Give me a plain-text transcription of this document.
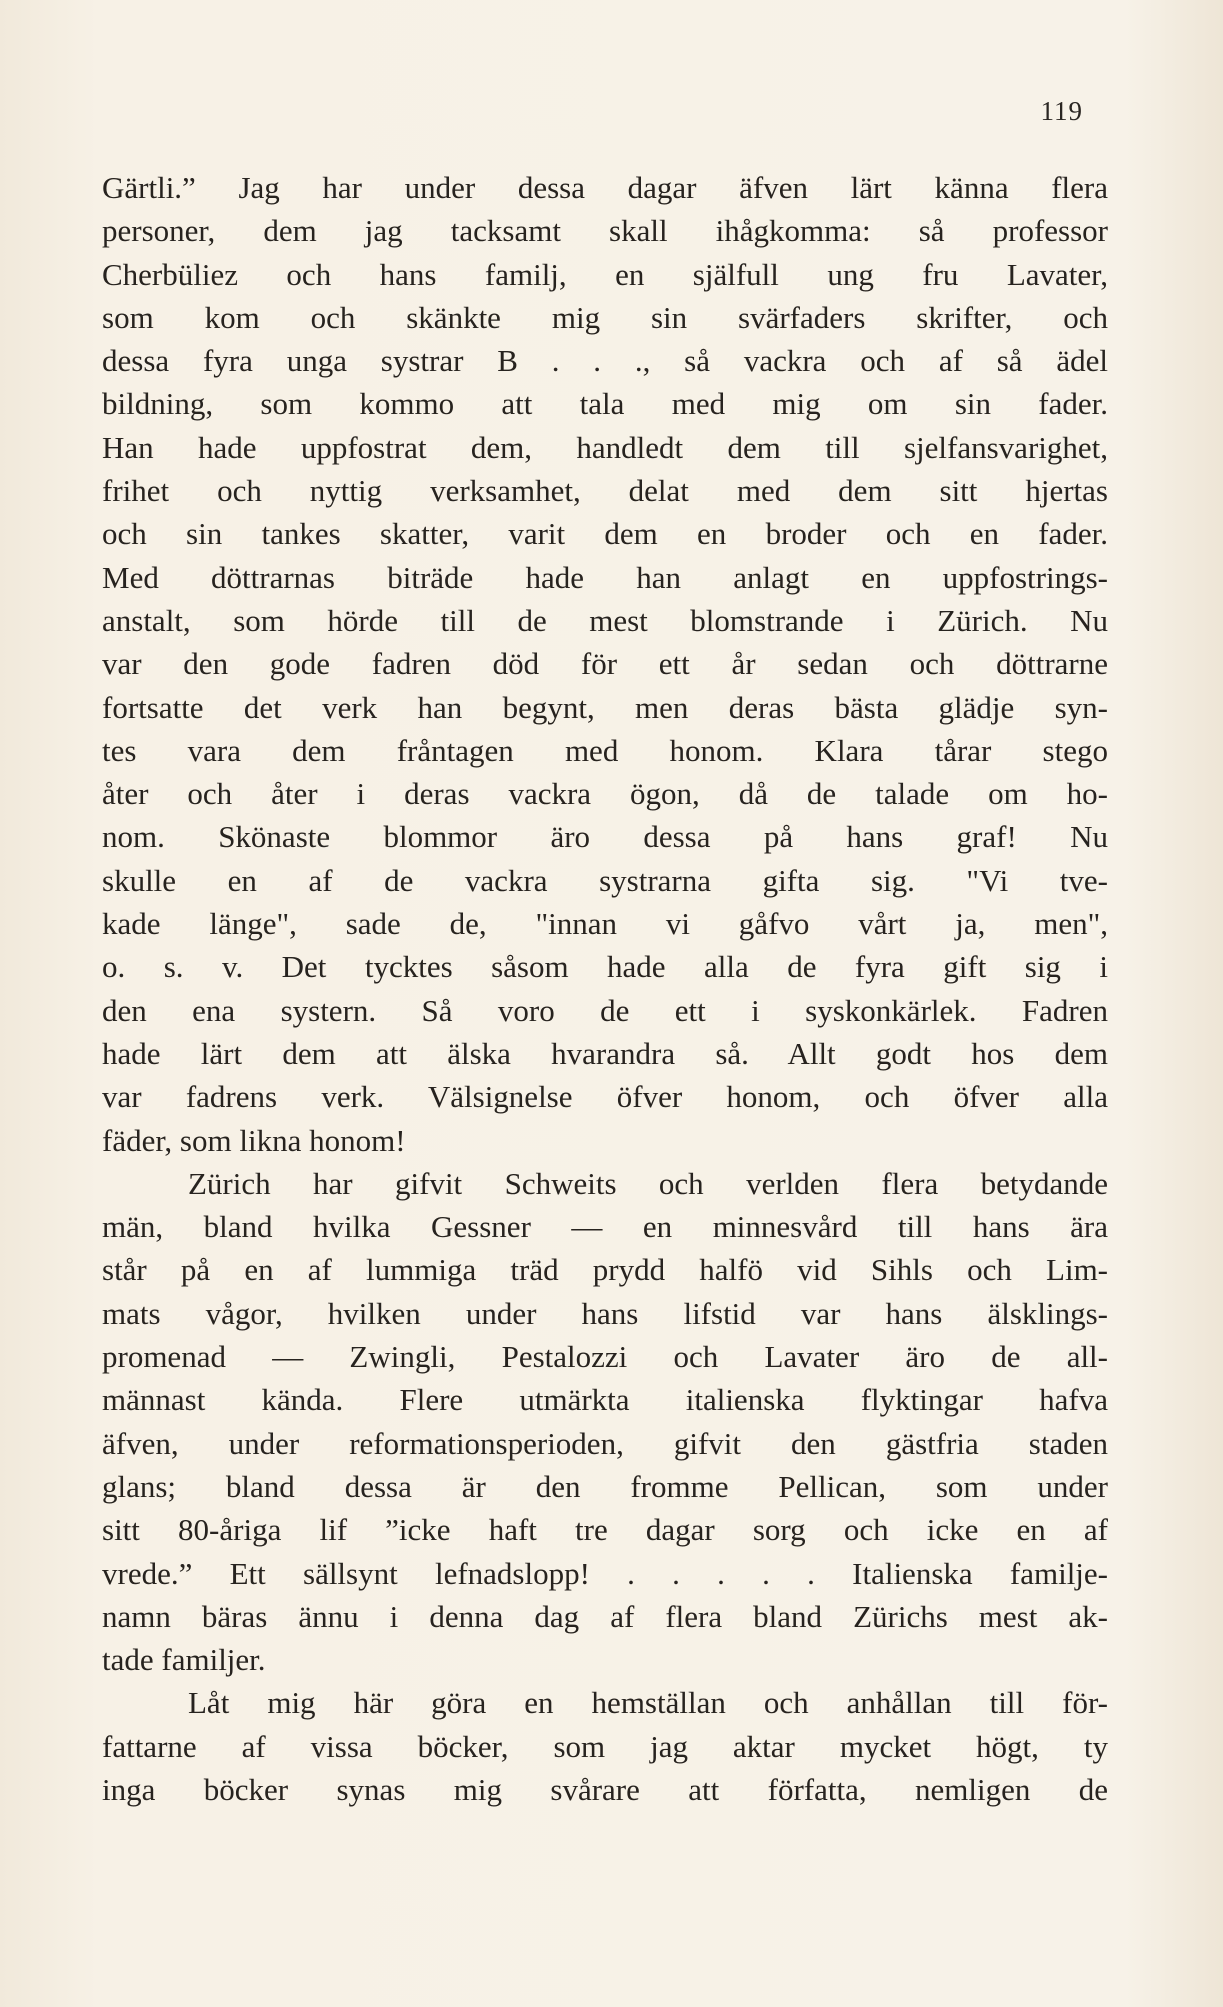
119
Gärtli.” Jag har under dessa dagar äfven lärt känna flera
personer, dem jag tacksamt skall ihågkomma: så professor
Cherbüliez och hans familj, en själfull ung fru Lavater,
som kom och skänkte mig sin svärfaders skrifter, och
dessa fyra unga systrar B . . ., så vackra och af så ädel
bildning, som kommo att tala med mig om sin fader.
Han hade uppfostrat dem, handledt dem till sjelfansvarighet,
frihet och nyttig verksamhet, delat med dem sitt hjertas
och sin tankes skatter, varit dem en broder och en fader.
Med döttrarnas biträde hade han anlagt en uppfostrings-
anstalt, som hörde till de mest blomstrande i Zürich. Nu
var den gode fadren död för ett år sedan och döttrarne
fortsatte det verk han begynt, men deras bästa glädje syn-
tes vara dem fråntagen med honom. Klara tårar stego
åter och åter i deras vackra ögon, då de talade om ho-
nom. Skönaste blommor äro dessa på hans graf! Nu
skulle en af de vackra systrarna gifta sig. "Vi tve-
kade länge", sade de, "innan vi gåfvo vårt ja, men",
o. s. v. Det tycktes såsom hade alla de fyra gift sig i
den ena systern. Så voro de ett i syskonkärlek. Fadren
hade lärt dem att älska hvarandra så. Allt godt hos dem
var fadrens verk. Välsignelse öfver honom, och öfver alla
fäder, som likna honom!
Zürich har gifvit Schweits och verlden flera betydande
män, bland hvilka Gessner — en minnesvård till hans ära
står på en af lummiga träd prydd halfö vid Sihls och Lim-
mats vågor, hvilken under hans lifstid var hans älsklings-
promenad — Zwingli, Pestalozzi och Lavater äro de all-
männast kända. Flere utmärkta italienska flyktingar hafva
äfven, under reformationsperioden, gifvit den gästfria staden
glans; bland dessa är den fromme Pellican, som under
sitt 80-åriga lif ”icke haft tre dagar sorg och icke en af
vrede.” Ett sällsynt lefnadslopp! . . . . . Italienska familje-
namn bäras ännu i denna dag af flera bland Zürichs mest ak-
tade familjer.
Låt mig här göra en hemställan och anhållan till för-
fattarne af vissa böcker, som jag aktar mycket högt, ty
inga böcker synas mig svårare att författa, nemligen de
